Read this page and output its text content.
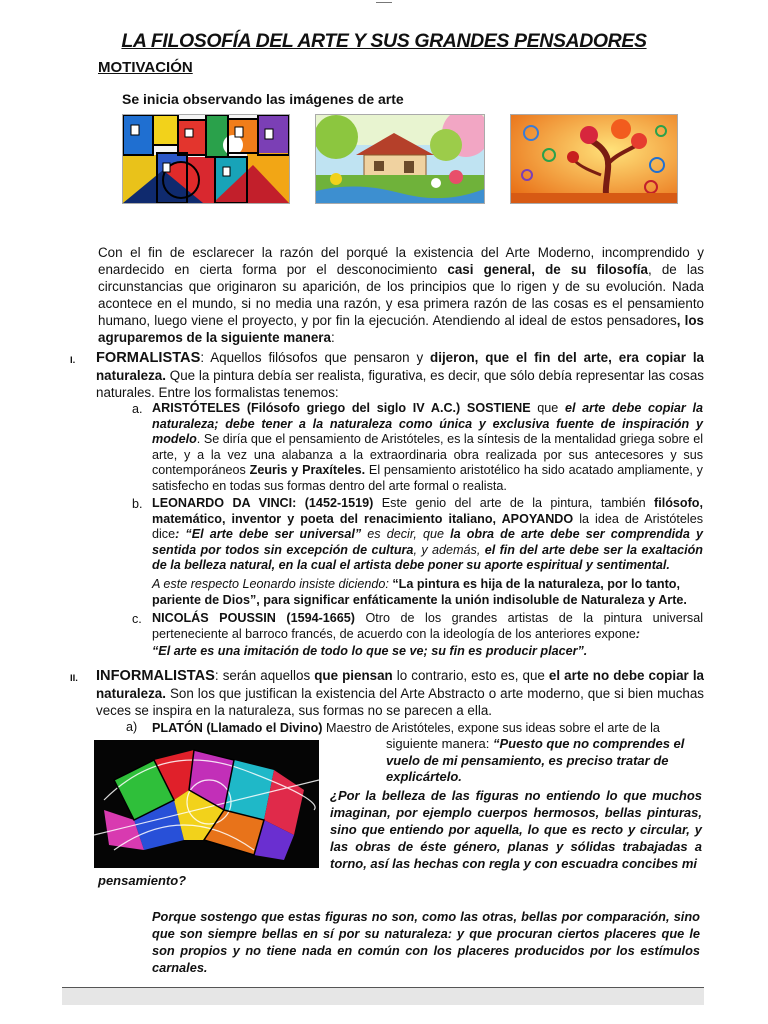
LA FILOSOFÍA DEL ARTE Y SUS GRANDES PENSADORES
MOTIVACIÓN
Se inicia observando las imágenes de arte
Con el fin de esclarecer la razón del porqué la existencia del Arte Moderno, incomprendido y enardecido en cierta forma por el desconocimiento casi general, de su filosofía, de las circunstancias que originaron su aparición, de los principios que lo rigen y de su evolución. Nada acontece en el mundo, si no media una razón, y esa primera razón de las cosas es el pensamiento humano, luego viene el proyecto, y por fin la ejecución. Atendiendo al ideal de estos pensadores, los agruparemos de la siguiente manera:
I. FORMALISTAS: Aquellos filósofos que pensaron y dijeron, que el fin del arte, era copiar la naturaleza. Que la pintura debía ser realista, figurativa, es decir, que sólo debía representar las cosas naturales. Entre los formalistas tenemos:
a. ARISTÓTELES (Filósofo griego del siglo IV A.C.) SOSTIENE que el arte debe copiar la naturaleza; debe tener a la naturaleza como única y exclusiva fuente de inspiración y modelo. Se diría que el pensamiento de Aristóteles, es la síntesis de la mentalidad griega sobre el arte, y a la vez una alabanza a la extraordinaria obra realizada por sus antecesores y sus contemporáneos Zeuris y Praxíteles. El pensamiento aristotélico ha sido acatado ampliamente, y satisfecho en todas sus formas dentro del arte formal o realista.
b. LEONARDO DA VINCI: (1452-1519) Este genio del arte de la pintura, también filósofo, matemático, inventor y poeta del renacimiento italiano, APOYANDO la idea de Aristóteles dice: “El arte debe ser universal” es decir, que la obra de arte debe ser comprendida y sentida por todos sin excepción de cultura, y además, el fin del arte debe ser la exaltación de la belleza natural, en la cual el artista debe poner su aporte espiritual y sentimental.
A este respecto Leonardo insiste diciendo: “La pintura es hija de la naturaleza, por lo tanto, pariente de Dios”, para significar enfáticamente la unión indisoluble de Naturaleza y Arte.
c. NICOLÁS POUSSIN (1594-1665) Otro de los grandes artistas de la pintura universal perteneciente al barroco francés, de acuerdo con la ideología de los anteriores expone:
“El arte es una imitación de todo lo que se ve; su fin es producir placer”.
II. INFORMALISTAS: serán aquellos que piensan lo contrario, esto es, que el arte no debe copiar la naturaleza. Son los que justifican la existencia del Arte Abstracto o arte moderno, que si bien muchas veces se inspira en la naturaleza, sus formas no se parecen a ella.
a) PLATÓN (Llamado el Divino) Maestro de Aristóteles, expone sus ideas sobre el arte de la
siguiente manera: “Puesto que no comprendes el vuelo de mi pensamiento, es preciso tratar de explicártelo.
¿Por la belleza de las figuras no entiendo lo que muchos imaginan, por ejemplo cuerpos hermosos, bellas pinturas, sino que entiendo por aquella, lo que es recto y circular, y las obras de éste género, planas y sólidas trabajadas a torno, así las hechas con regla y con escuadra concibes mi
pensamiento?
Porque sostengo que estas figuras no son, como las otras, bellas por comparación, sino que son siempre bellas en sí por su naturaleza: y que procuran ciertos placeres que le son propios y no tiene nada en común con los placeres producidos por los estímulos carnales.
